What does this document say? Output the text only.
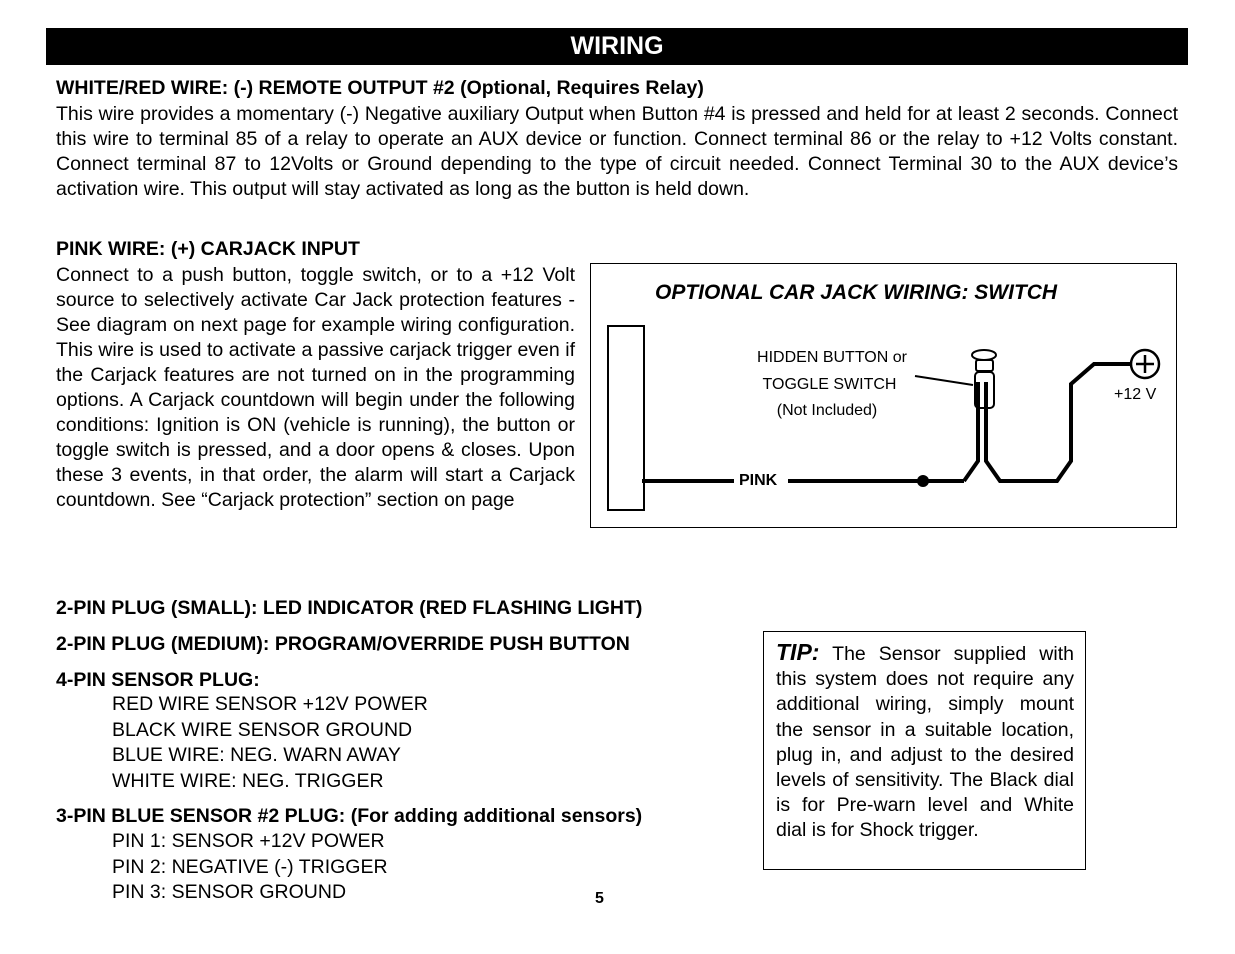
WIRING
WHITE/RED WIRE: (-) REMOTE OUTPUT #2 (Optional, Requires Relay)
This wire provides a momentary (-) Negative auxiliary Output when Button #4 is pressed and held for at least 2 seconds. Connect this wire to terminal 85 of a relay to operate an AUX device or function. Connect terminal 86 or the relay to +12 Volts constant. Connect terminal 87 to 12Volts or Ground depending to the type of circuit needed. Connect Terminal 30 to the AUX device’s activation wire. This output will stay activated as long as the button is held down.
PINK WIRE: (+) CARJACK INPUT
Connect to a push button, toggle switch, or to a +12 Volt source to selectively activate Car Jack protection features - See diagram on next page for example wiring configuration. This wire is used to activate a passive carjack trigger even if the Carjack features are not turned on in the programming options. A Carjack countdown will begin under the following conditions: Ignition is ON (vehicle is running), the button or toggle switch is pressed, and a door opens & closes. Upon these 3 events, in that order, the alarm will start a Carjack countdown. See “Carjack protection” section on page
OPTIONAL CAR JACK WIRING: SWITCH
HIDDEN BUTTON or
TOGGLE SWITCH
(Not Included)
+12 V
PINK
2-PIN PLUG (SMALL): LED INDICATOR (RED FLASHING LIGHT)
2-PIN PLUG (MEDIUM): PROGRAM/OVERRIDE PUSH BUTTON
4-PIN SENSOR PLUG:
RED WIRE SENSOR +12V POWER
BLACK WIRE SENSOR GROUND
BLUE WIRE: NEG. WARN AWAY
WHITE WIRE: NEG. TRIGGER
3-PIN BLUE SENSOR #2 PLUG: (For adding additional sensors)
PIN 1: SENSOR +12V POWER
PIN 2: NEGATIVE (-) TRIGGER
PIN 3: SENSOR GROUND
TIP: The Sensor supplied with this system does not require any additional wiring, simply mount the sensor in a suitable location, plug in, and adjust to the desired levels of sensitivity. The Black dial is for Pre-warn level and White dial is for Shock trigger.
5
